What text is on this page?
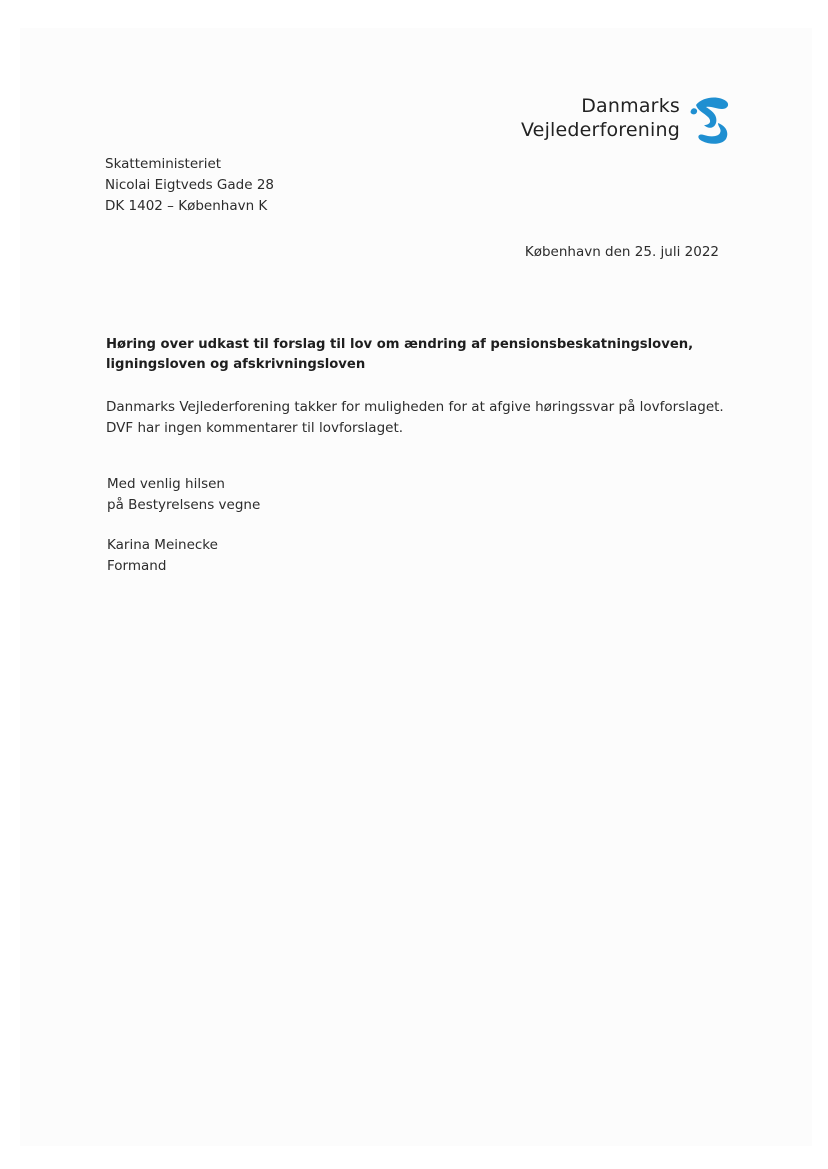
Danmarks
Vejlederforening
Skatteministeriet
Nicolai Eigtveds Gade 28
DK 1402 – København K
København den 25. juli 2022
Høring over udkast til forslag til lov om ændring af pensionsbeskatningsloven, ligningsloven og afskrivningsloven
Danmarks Vejlederforening takker for muligheden for at afgive høringssvar på lovforslaget.
DVF har ingen kommentarer til lovforslaget.
Med venlig hilsen
på Bestyrelsens vegne
Karina Meinecke
Formand
